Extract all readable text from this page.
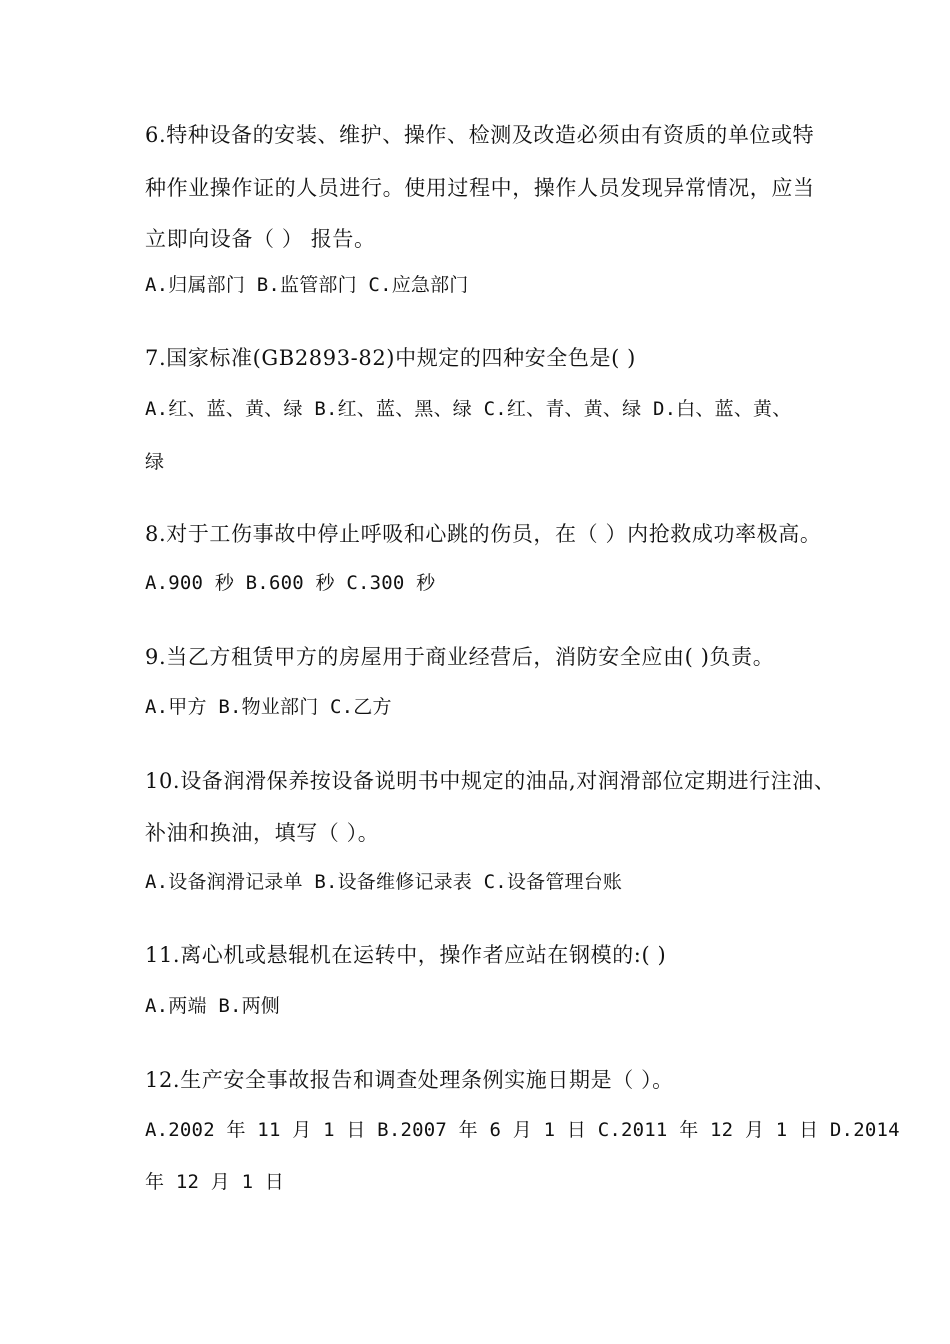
6.特种设备的安装、维护、操作、检测及改造必须由有资质的单位或特
种作业操作证的人员进行。使用过程中，操作人员发现异常情况，应当
立即向设备（ ） 报告。
A.归属部门 B.监管部门 C.应急部门
7.国家标准(GB2893-82)中规定的四种安全色是( )
A.红、蓝、黄、绿 B.红、蓝、黑、绿 C.红、青、黄、绿 D.白、蓝、黄、
绿
8.对于工伤事故中停止呼吸和心跳的伤员，在（ ）内抢救成功率极高。
A.900 秒 B.600 秒 C.300 秒
9.当乙方租赁甲方的房屋用于商业经营后，消防安全应由( )负责。
A.甲方 B.物业部门 C.乙方
10.设备润滑保养按设备说明书中规定的油品,对润滑部位定期进行注油、
补油和换油，填写（ ）。
A.设备润滑记录单 B.设备维修记录表 C.设备管理台账
11.离心机或悬辊机在运转中，操作者应站在钢模的:( )
A.两端 B.两侧
12.生产安全事故报告和调查处理条例实施日期是（ ）。
A.2002 年 11 月 1 日 B.2007 年 6 月 1 日 C.2011 年 12 月 1 日 D.2014
年 12 月 1 日
